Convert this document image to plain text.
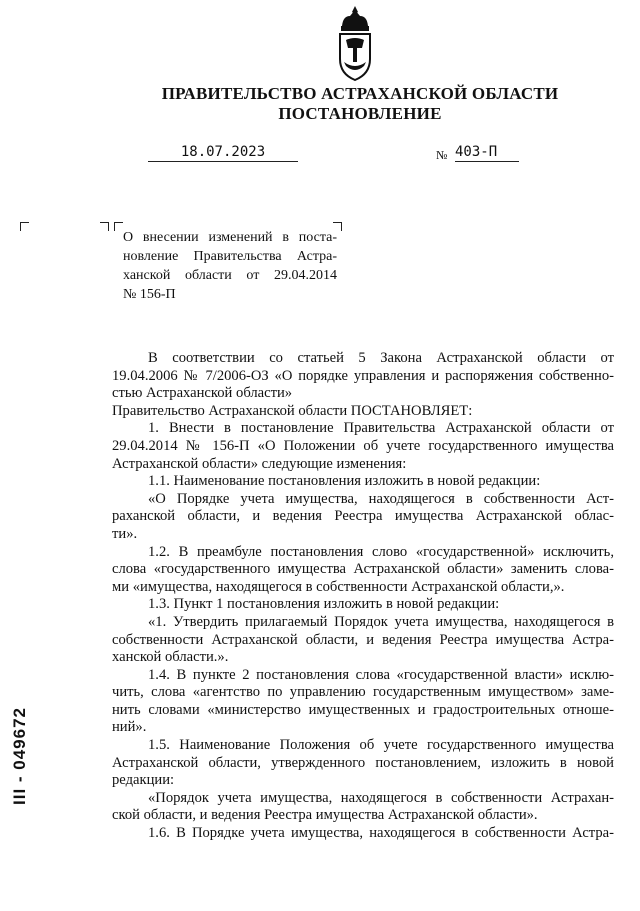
ПРАВИТЕЛЬСТВО АСТРАХАНСКОЙ ОБЛАСТИ
ПОСТАНОВЛЕНИЕ
18.07.2023	№ 403-П
О внесении изменений в поста-
новление Правительства Астра-
ханской области от 29.04.2014
№ 156-П
В соответствии со статьей 5 Закона Астраханской области от
19.04.2006 № 7/2006-ОЗ «О порядке управления и распоряжения собственно-
стью Астраханской области»
Правительство Астраханской области ПОСТАНОВЛЯЕТ:
1. Внести в постановление Правительства Астраханской области от
29.04.2014 № 156-П «О Положении об учете государственного имущества
Астраханской области» следующие изменения:
1.1. Наименование постановления изложить в новой редакции:
«О Порядке учета имущества, находящегося в собственности Аст-
раханской области, и ведения Реестра имущества Астраханской облас-
ти».
1.2. В преамбуле постановления слово «государственной» исключить,
слова «государственного имущества Астраханской области» заменить слова-
ми «имущества, находящегося в собственности Астраханской области,».
1.3. Пункт 1 постановления изложить в новой редакции:
«1. Утвердить прилагаемый Порядок учета имущества, находящегося в
собственности Астраханской области, и ведения Реестра имущества Астра-
ханской области.».
1.4. В пункте 2 постановления слова «государственной власти» исклю-
чить, слова «агентство по управлению государственным имуществом» заме-
нить словами «министерство имущественных и градостроительных отноше-
ний».
1.5. Наименование Положения об учете государственного имущества
Астраханской области, утвержденного постановлением, изложить в новой
редакции:
«Порядок учета имущества, находящегося в собственности Астрахан-
ской области, и ведения Реестра имущества Астраханской области».
1.6. В Порядке учета имущества, находящегося в собственности Астра-
ІІІ - 049672
